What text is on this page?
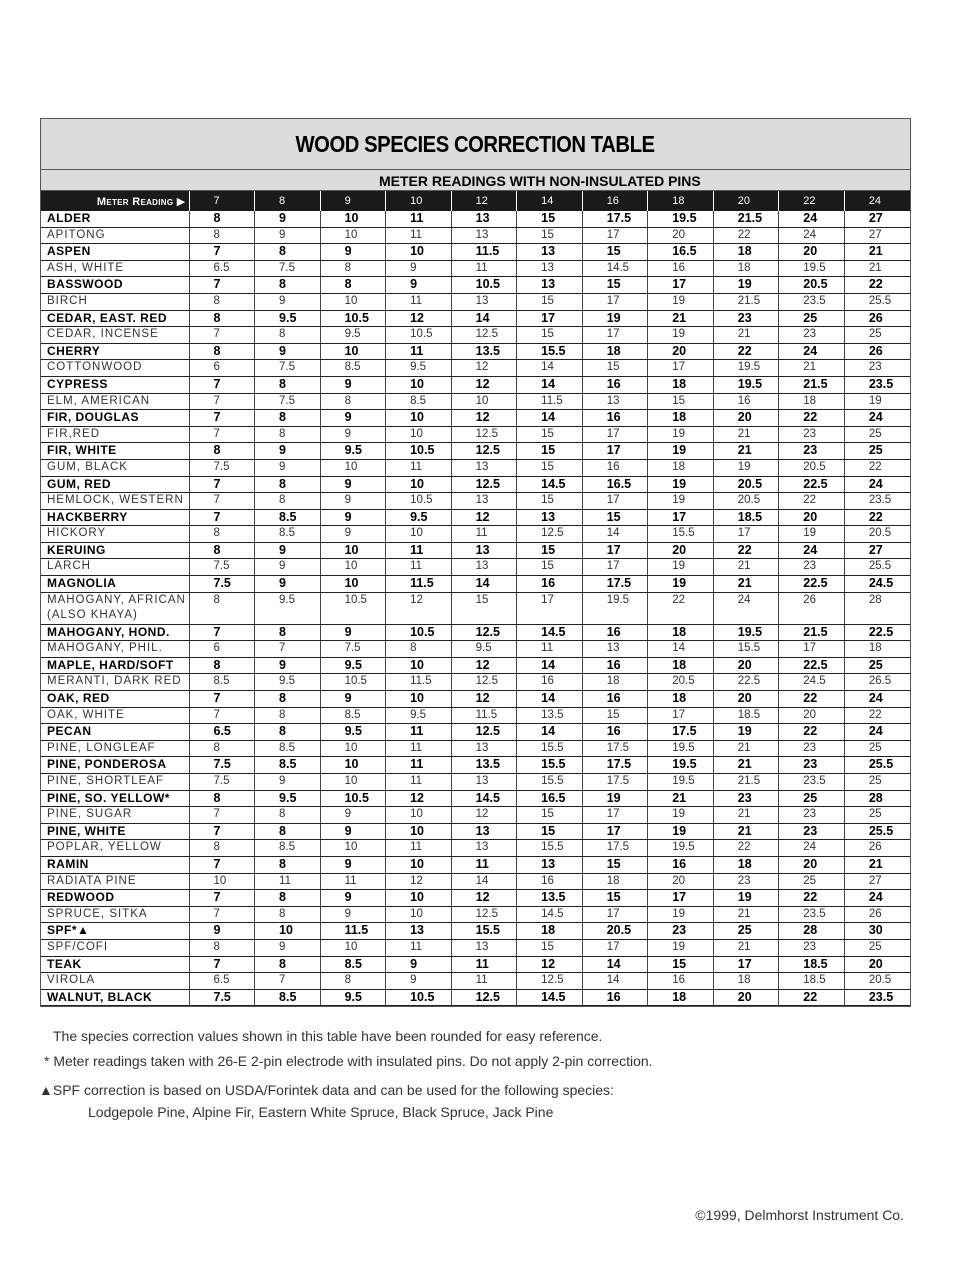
WOOD SPECIES CORRECTION TABLE
METER READINGS WITH NON-INSULATED PINS
Meter Reading ▶	7	8	9	10	12	14	16	18	20	22	24
ALDER	8	9	10	11	13	15	17.5	19.5	21.5	24	27
APITONG	8	9	10	11	13	15	17	20	22	24	27
ASPEN	7	8	9	10	11.5	13	15	16.5	18	20	21
ASH, WHITE	6.5	7.5	8	9	11	13	14.5	16	18	19.5	21
BASSWOOD	7	8	8	9	10.5	13	15	17	19	20.5	22
BIRCH	8	9	10	11	13	15	17	19	21.5	23.5	25.5
CEDAR, EAST. RED	8	9.5	10.5	12	14	17	19	21	23	25	26
CEDAR, INCENSE	7	8	9.5	10.5	12.5	15	17	19	21	23	25
CHERRY	8	9	10	11	13.5	15.5	18	20	22	24	26
COTTONWOOD	6	7.5	8.5	9.5	12	14	15	17	19.5	21	23
CYPRESS	7	8	9	10	12	14	16	18	19.5	21.5	23.5
ELM, AMERICAN	7	7.5	8	8.5	10	11.5	13	15	16	18	19
FIR, DOUGLAS	7	8	9	10	12	14	16	18	20	22	24
FIR,RED	7	8	9	10	12.5	15	17	19	21	23	25
FIR, WHITE	8	9	9.5	10.5	12.5	15	17	19	21	23	25
GUM, BLACK	7.5	9	10	11	13	15	16	18	19	20.5	22
GUM, RED	7	8	9	10	12.5	14.5	16.5	19	20.5	22.5	24
HEMLOCK, WESTERN	7	8	9	10.5	13	15	17	19	20.5	22	23.5
HACKBERRY	7	8.5	9	9.5	12	13	15	17	18.5	20	22
HICKORY	8	8.5	9	10	11	12.5	14	15.5	17	19	20.5
KERUING	8	9	10	11	13	15	17	20	22	24	27
LARCH	7.5	9	10	11	13	15	17	19	21	23	25.5
MAGNOLIA	7.5	9	10	11.5	14	16	17.5	19	21	22.5	24.5
MAHOGANY, AFRICAN (ALSO KHAYA)	8	9.5	10.5	12	15	17	19.5	22	24	26	28
MAHOGANY, HOND.	7	8	9	10.5	12.5	14.5	16	18	19.5	21.5	22.5
MAHOGANY, PHIL.	6	7	7.5	8	9.5	11	13	14	15.5	17	18
MAPLE, HARD/SOFT	8	9	9.5	10	12	14	16	18	20	22.5	25
MERANTI, DARK RED	8.5	9.5	10.5	11.5	12.5	16	18	20.5	22.5	24.5	26.5
OAK, RED	7	8	9	10	12	14	16	18	20	22	24
OAK, WHITE	7	8	8.5	9.5	11.5	13.5	15	17	18.5	20	22
PECAN	6.5	8	9.5	11	12.5	14	16	17.5	19	22	24
PINE, LONGLEAF	8	8.5	10	11	13	15.5	17.5	19.5	21	23	25
PINE, PONDEROSA	7.5	8.5	10	11	13.5	15.5	17.5	19.5	21	23	25.5
PINE, SHORTLEAF	7.5	9	10	11	13	15.5	17.5	19.5	21.5	23.5	25
PINE, SO. YELLOW*	8	9.5	10.5	12	14.5	16.5	19	21	23	25	28
PINE, SUGAR	7	8	9	10	12	15	17	19	21	23	25
PINE, WHITE	7	8	9	10	13	15	17	19	21	23	25.5
POPLAR, YELLOW	8	8.5	10	11	13	15.5	17.5	19.5	22	24	26
RAMIN	7	8	9	10	11	13	15	16	18	20	21
RADIATA PINE	10	11	11	12	14	16	18	20	23	25	27
REDWOOD	7	8	9	10	12	13.5	15	17	19	22	24
SPRUCE, SITKA	7	8	9	10	12.5	14.5	17	19	21	23.5	26
SPF*▲	9	10	11.5	13	15.5	18	20.5	23	25	28	30
SPF/COFI	8	9	10	11	13	15	17	19	21	23	25
TEAK	7	8	8.5	9	11	12	14	15	17	18.5	20
VIROLA	6.5	7	8	9	11	12.5	14	16	18	18.5	20.5
WALNUT, BLACK	7.5	8.5	9.5	10.5	12.5	14.5	16	18	20	22	23.5
The species correction values shown in this table have been rounded for easy reference.
* Meter readings taken with 26-E 2-pin electrode with insulated pins. Do not apply 2-pin correction.
▲SPF correction is based on USDA/Forintek data and can be used for the following species:
Lodgepole Pine, Alpine Fir, Eastern White Spruce, Black Spruce, Jack Pine
©1999, Delmhorst Instrument Co.
